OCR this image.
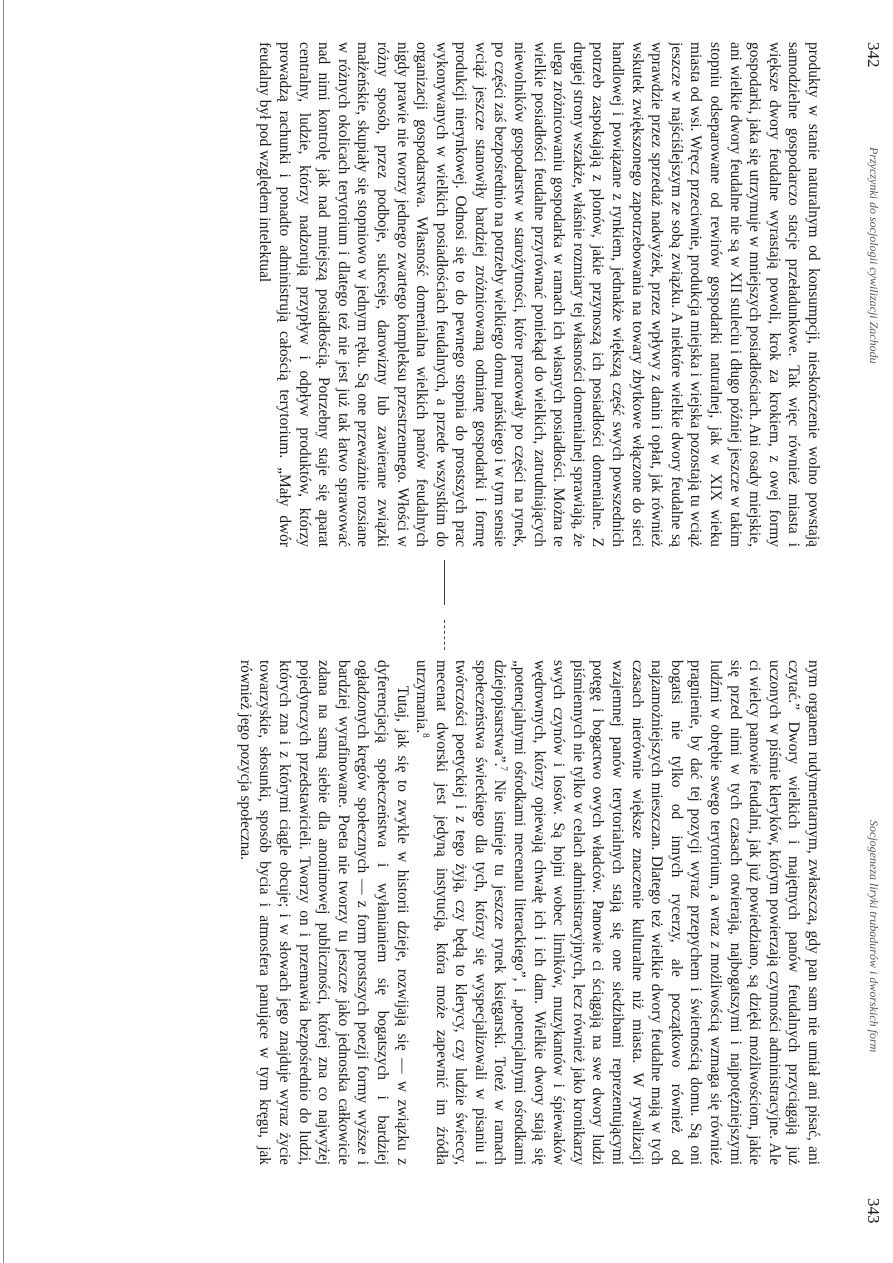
342
Przyczynki do socjologii cywilizacji Zachodu
Socjogeneza liryki trubadurów i dworskich form
343

produkty w stanie naturalnym od konsumpcji, nieskończenie wolno powstają samodzielne gospodarczo stacje przeładunkowe. Tak więc również miasta i większe dwory feudalne wyrastają powoli, krok za krokiem, z owej formy gospodarki, jaka się utrzymuje w mniejszych posiadłościach. Ani osady miejskie, ani wielkie dwory feudalne nie są w XII stuleciu i długo później jeszcze w takim stopniu odseparowane od rewirów gospodarki naturalnej, jak w XIX wieku miasta od wsi. Wręcz przeciwnie, produkcja miejska i wiejska pozostają tu wciąż jeszcze w najściślejszym ze sobą związku. A niektóre wielkie dwory feudalne są wprawdzie przez sprzedaż nadwyżek, przez wpływy z danin i opłat, jak również wskutek zwiększonego zapotrzebowania na towary zbytkowe włączone do sieci handlowej i powiązane z rynkiem, jednakże większą część swych powszednich potrzeb zaspokajają z plonów, jakie przynoszą ich posiadłości domenialne. Z drugiej strony wszakże, właśnie rozmiary tej własności domenialnej sprawiają, że ulega zróżnicowaniu gospodarka w ramach ich własnych posiadłości. Można te wielkie posiadłości feudalne przyrównać poniekąd do wielkich, zatrudniających niewolników gospodarstw w starożytności, które pracowały po części na rynek, po części zaś bezpośrednio na potrzeby wielkiego domu pańskiego i w tym sensie wciąż jeszcze stanowiły bardziej zróżnicowaną odmianę gospodarki i formę produkcji nierynkowej. Odnosi się to do pewnego stopnia do prostszych prac wykonywanych w wielkich posiadłościach feudalnych, a przede wszystkim do organizacji gospodarstwa. Własność domenialna wielkich panów feudalnych nigdy prawie nie tworzy jednego zwartego kompleksu przestrzennego. Włości w różny sposób, przez podboje, sukcesje, darowizny lub zawierane związki małżeńskie, skupiały się stopniowo w jednym ręku. Są one przeważnie rozsiane w różnych okolicach terytorium i dlatego też nie jest już tak łatwo sprawować nad nimi kontrolę jak nad mniejszą posiadłością. Potrzebny staje się aparat centralny, ludzie, którzy nadzorują przypływ i odpływ produktów, którzy prowadzą rachunki i ponadto administrują całością terytorium. „Mały dwór feudalny był pod względem intelektual

nym organem rudymentarnym, zwłaszcza, gdy pan sam nie umiał ani pisać, ani czytać.” Dwory wielkich i majętnych panów feudalnych przyciągają już uczonych w piśmie kleryków, którym powierzają czynności administracyjne. Ale ci wielcy panowie feudalni, jak już powiedziano, są dzięki możliwościom, jakie się przed nimi w tych czasach otwierają, najbogatszymi i najpotężniejszymi ludźmi w obrębie swego terytorium, a wraz z możliwością wzmaga się również pragnienie, by dać tej pozycji wyraz przepychem i świetnością domu. Są oni bogatsi nie tylko od innych rycerzy, ale początkowo również od najzamożniejszych mieszczan. Dlatego też wielkie dwory feudalne mają w tych czasach nierównie większe znaczenie kulturalne niż miasta. W rywalizacji wzajemnej panów terytorialnych stają się one siedzibami reprezentującymi potęgę i bogactwo owych władców. Panowie ci ściągają na swe dwory ludzi piśmiennych nie tylko w celach administracyjnych, lecz również jako kronikarzy swych czynów i losów. Są hojni wobec lirników, muzykantów i śpiewaków wędrownych, którzy opiewają chwałę ich i ich dam. Wielkie dwory stają się „potencjalnymi ośrodkami mecenatu literackiego”, i „potencjalnymi ośrodkami dziejopisarstwa”.$^7$ Nie istnieje tu jeszcze rynek księgarski. Toteż w ramach społeczeństwa świeckiego dla tych, którzy się wyspecjalizowali w pisaniu i twórczości poetyckiej i z tego żyją, czy będą to klerycy, czy ludzie świeccy, mecenat dworski jest jedyną instytucją, która może zapewnić im źródła utrzymania.$^8$

Tutaj, jak się to zwykle w historii dzieje, rozwijają się — w związku z dyferencjacją społeczeństwa i wyłanianiem się bogatszych i bardziej ogładzonych kręgów społecznych — z form prostszych poezji formy wyższe i bardziej wyrafinowane. Poeta nie tworzy tu jeszcze jako jednostka całkowicie zdana na samą siebie dla anonimowej publiczności, której zna co najwyżej pojedynczych przedstawicieli. Tworzy on i przemawia bezpośrednio do ludzi, których zna i z którymi ciągle obcuje; i w słowach jego znajduje wyraz życie towarzyskie, słosunki, sposób bycia i atmosfera panujące w tym kręgu, jak również jego pozycja społeczna.
